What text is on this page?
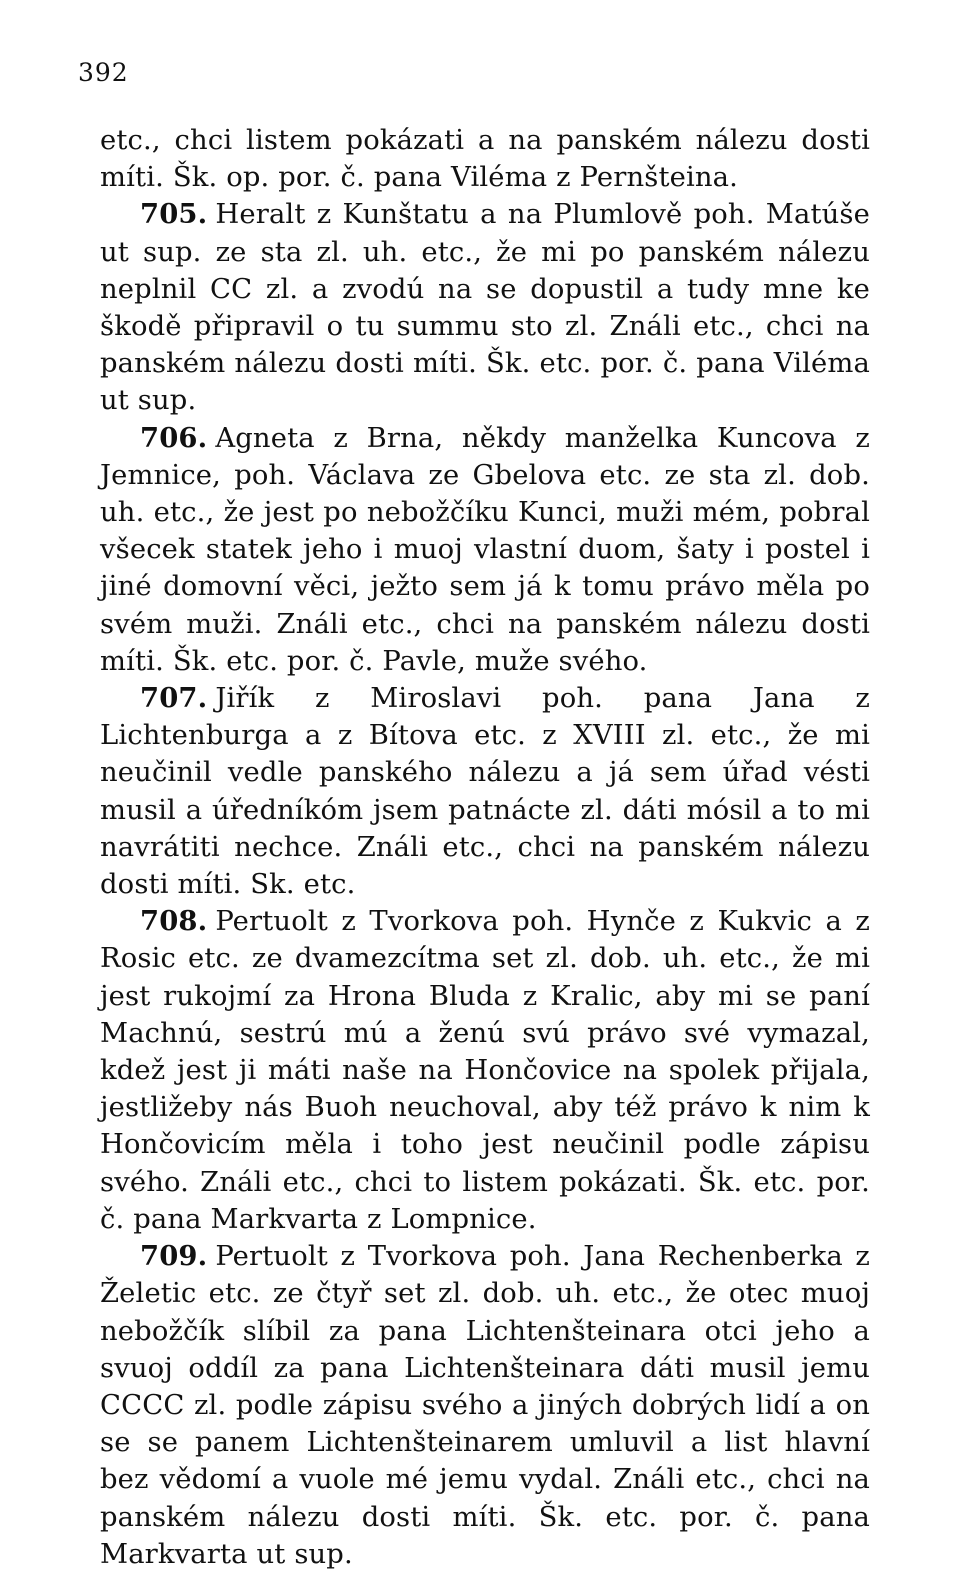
392

etc., chci listem pokázati a na panském nálezu dosti míti. Šk. op. por. č. pana Viléma z Pernšteina.

705. Heralt z Kunštatu a na Plumlově poh. Matúše ut sup. ze sta zl. uh. etc., že mi po panském nálezu neplnil CC zl. a zvodú na se dopustil a tudy mne ke škodě připravil o tu summu sto zl. Ználi etc., chci na panském nálezu dosti míti. Šk. etc. por. č. pana Viléma ut sup.

706. Agneta z Brna, někdy manželka Kuncova z Jemnice, poh. Václava ze Gbelova etc. ze sta zl. dob. uh. etc., že jest po nebožčíku Kunci, muži mém, pobral všecek statek jeho i muoj vlastní duom, šaty i postel i jiné domovní věci, ježto sem já k tomu právo měla po svém muži. Ználi etc., chci na panském nálezu dosti míti. Šk. etc. por. č. Pavle, muže svého.

707. Jiřík z Miroslavi poh. pana Jana z Lichtenburga a z Bítova etc. z XVIII zl. etc., že mi neučinil vedle panského nálezu a já sem úřad vésti musil a úředníkóm jsem patnácte zl. dáti mósil a to mi navrátiti nechce. Ználi etc., chci na panském nálezu dosti míti. Sk. etc.

708. Pertuolt z Tvorkova poh. Hynče z Kukvic a z Rosic etc. ze dvamezcítma set zl. dob. uh. etc., že mi jest rukojmí za Hrona Bluda z Kralic, aby mi se paní Machnú, sestrú mú a ženú svú právo své vymazal, kdež jest ji máti naše na Hončovice na spolek přijala, jestližeby nás Buoh neuchoval, aby též právo k nim k Hončovicím měla i toho jest neučinil podle zápisu svého. Ználi etc., chci to listem pokázati. Šk. etc. por. č. pana Markvarta z Lompnice.

709. Pertuolt z Tvorkova poh. Jana Rechenberka z Želetic etc. ze čtyř set zl. dob. uh. etc., že otec muoj nebožčík slíbil za pana Lichtenšteinara otci jeho a svuoj oddíl za pana Lichtenšteinara dáti musil jemu CCCC zl. podle zápisu svého a jiných dobrých lidí a on se se panem Lichtenšteinarem umluvil a list hlavní bez vědomí a vuole mé jemu vydal. Ználi etc., chci na panském nálezu dosti míti. Šk. etc. por. č. pana Markvarta ut sup.
